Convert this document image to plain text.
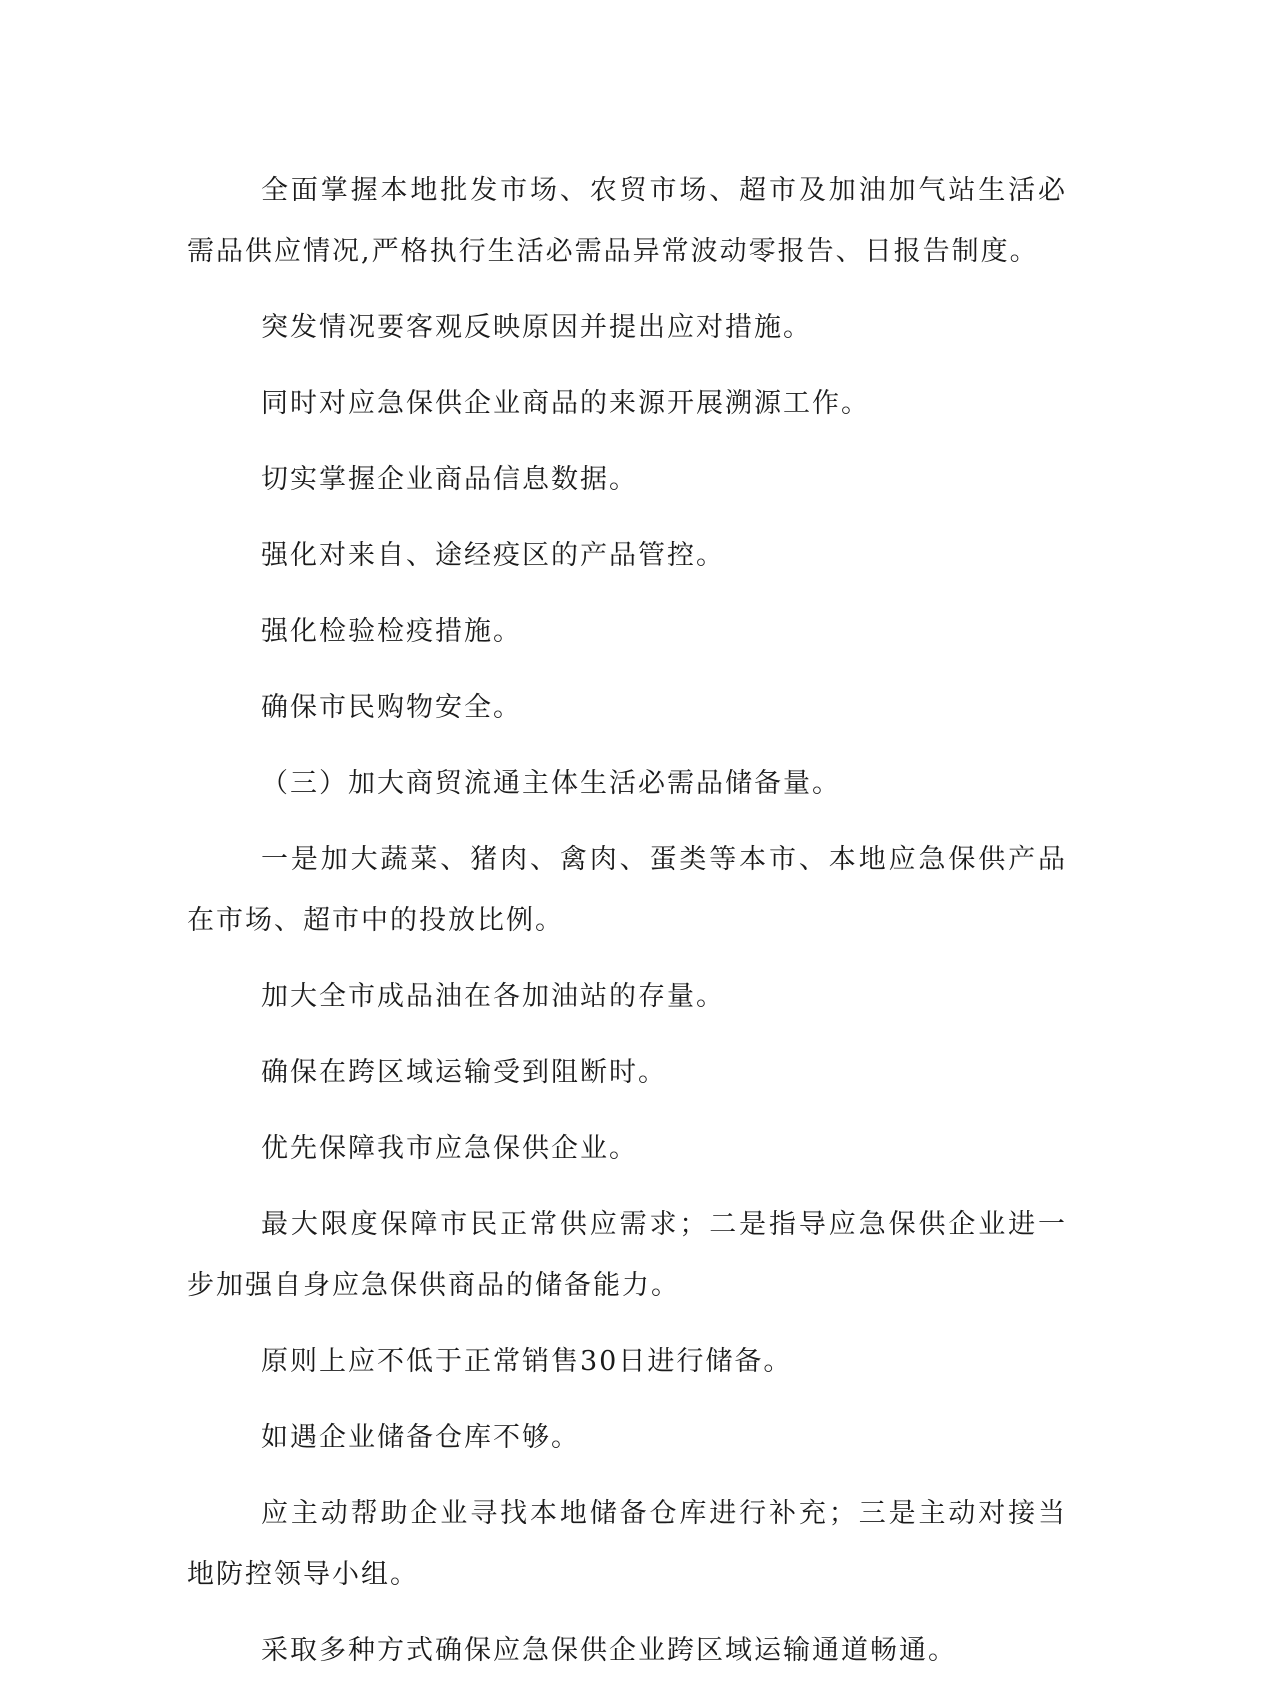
全面掌握本地批发市场、农贸市场、超市及加油加气站生活必需品供应情况,严格执行生活必需品异常波动零报告、日报告制度。

突发情况要客观反映原因并提出应对措施。

同时对应急保供企业商品的来源开展溯源工作。

切实掌握企业商品信息数据。

强化对来自、途经疫区的产品管控。

强化检验检疫措施。

确保市民购物安全。

（三）加大商贸流通主体生活必需品储备量。

一是加大蔬菜、猪肉、禽肉、蛋类等本市、本地应急保供产品在市场、超市中的投放比例。

加大全市成品油在各加油站的存量。

确保在跨区域运输受到阻断时。

优先保障我市应急保供企业。

最大限度保障市民正常供应需求；二是指导应急保供企业进一步加强自身应急保供商品的储备能力。

原则上应不低于正常销售30日进行储备。

如遇企业储备仓库不够。

应主动帮助企业寻找本地储备仓库进行补充；三是主动对接当地防控领导小组。

采取多种方式确保应急保供企业跨区域运输通道畅通。
